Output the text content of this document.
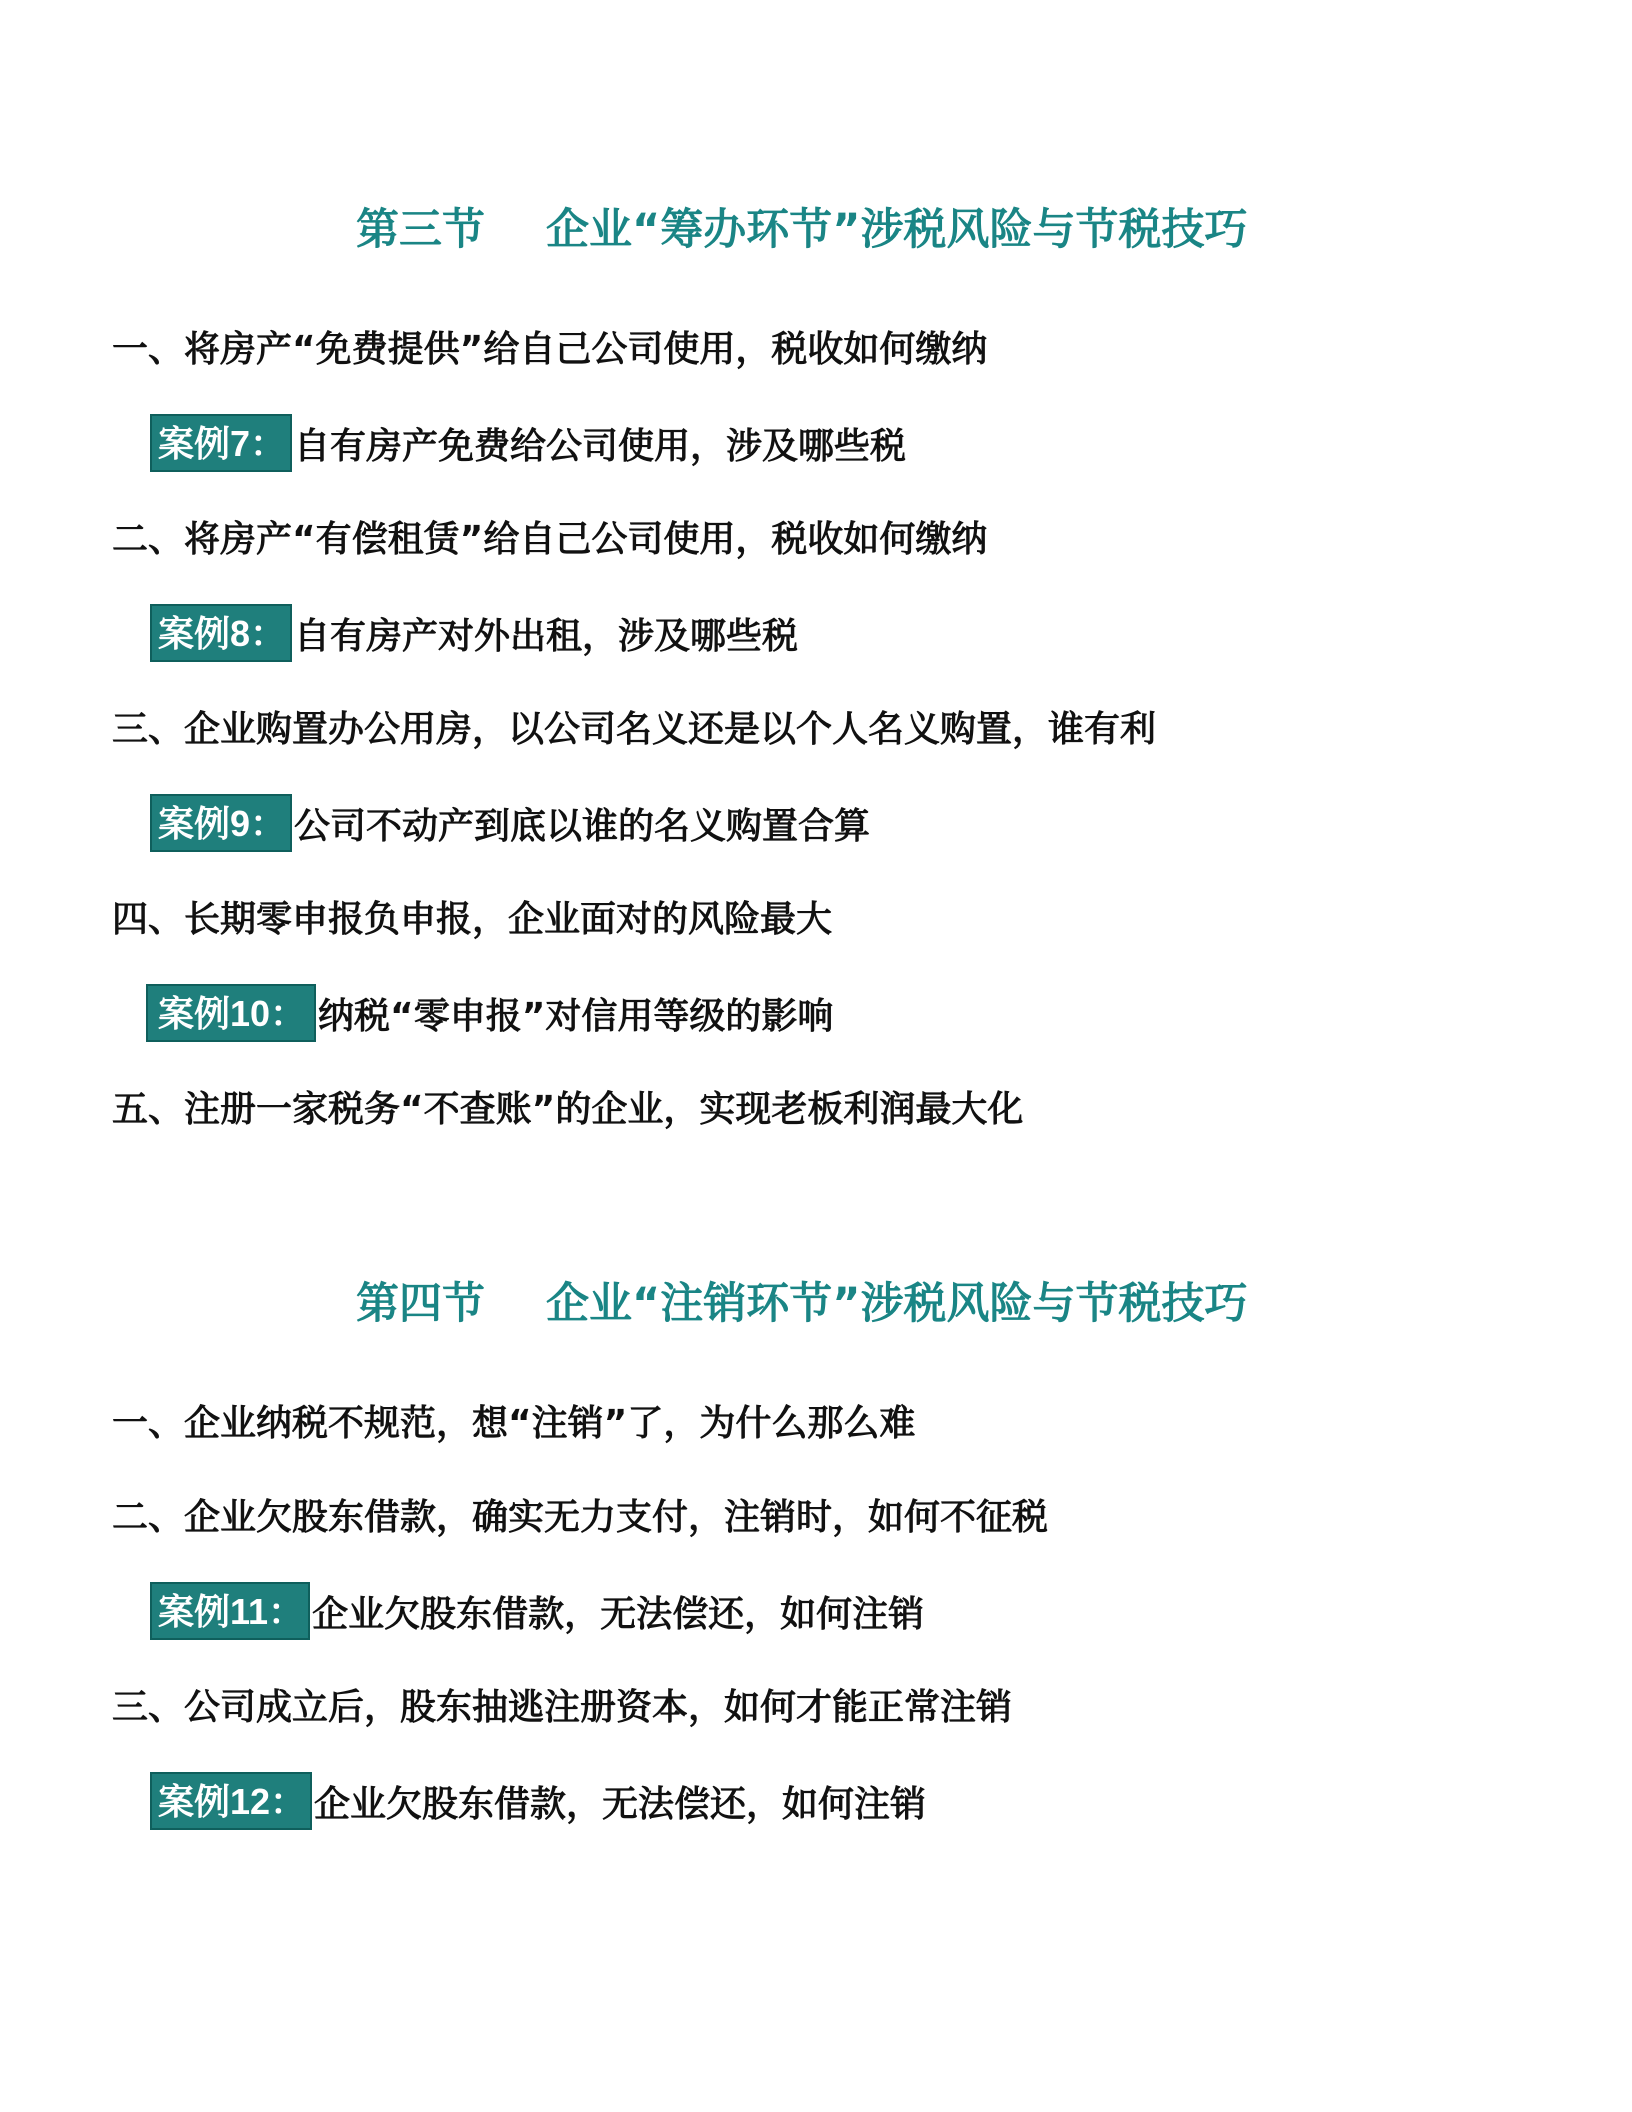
第三节 企业“筹办环节”涉税风险与节税技巧
一、将房产“免费提供”给自己公司使用，税收如何缴纳
案例7： 自有房产免费给公司使用，涉及哪些税
二、将房产“有偿租赁”给自己公司使用，税收如何缴纳
案例8： 自有房产对外出租，涉及哪些税
三、企业购置办公用房，以公司名义还是以个人名义购置，谁有利
案例9： 公司不动产到底以谁的名义购置合算
四、长期零申报负申报，企业面对的风险最大
案例10： 纳税“零申报”对信用等级的影响
五、注册一家税务“不查账”的企业，实现老板利润最大化
第四节 企业“注销环节”涉税风险与节税技巧
一、企业纳税不规范，想“注销”了，为什么那么难
二、企业欠股东借款，确实无力支付，注销时，如何不征税
案例11： 企业欠股东借款，无法偿还，如何注销
三、公司成立后，股东抽逃注册资本，如何才能正常注销
案例12： 企业欠股东借款，无法偿还，如何注销
